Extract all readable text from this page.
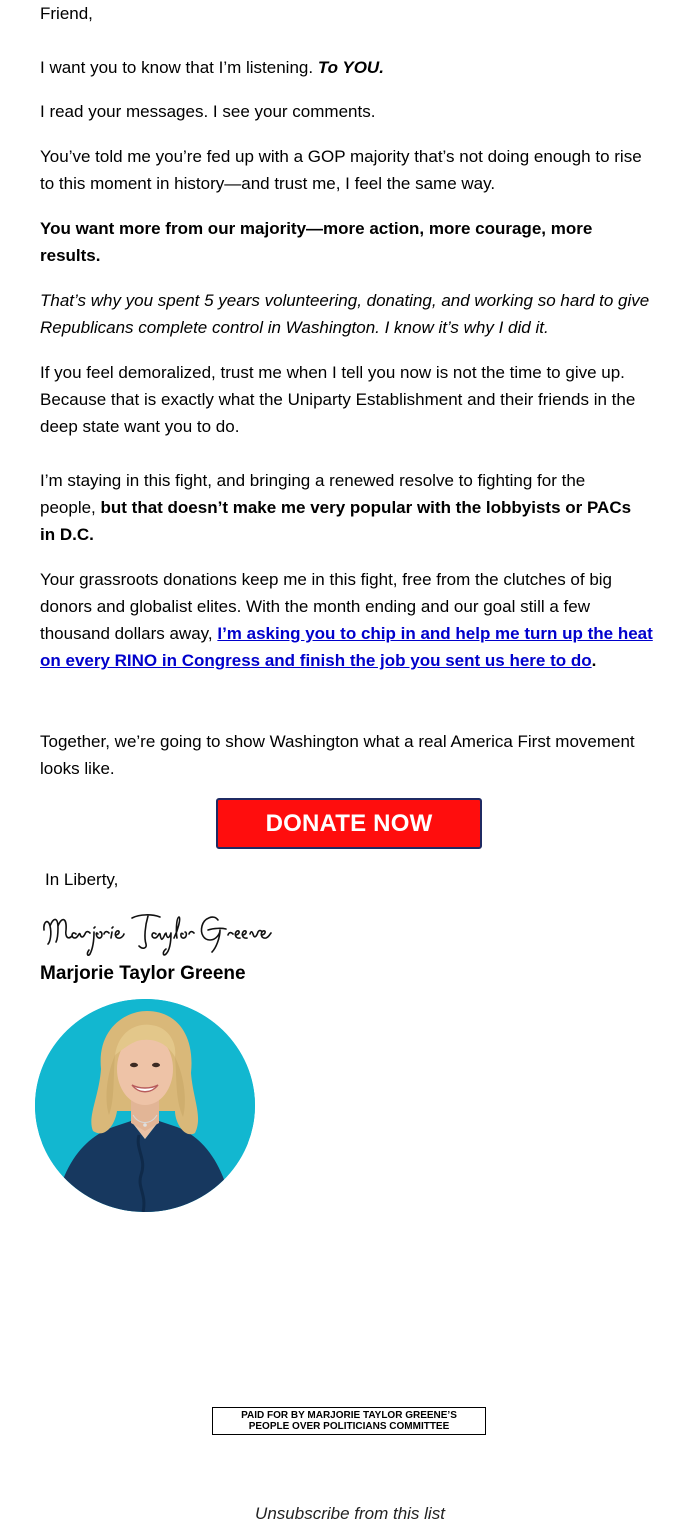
Friend,

I want you to know that I’m listening. To YOU.

I read your messages. I see your comments.

You’ve told me you’re fed up with a GOP majority that’s not doing enough to rise to this moment in history—and trust me, I feel the same way.

You want more from our majority—more action, more courage, more results.

That’s why you spent 5 years volunteering, donating, and working so hard to give Republicans complete control in Washington. I know it’s why I did it.

If you feel demoralized, trust me when I tell you now is not the time to give up. Because that is exactly what the Uniparty Establishment and their friends in the deep state want you to do.

I’m staying in this fight, and bringing a renewed resolve to fighting for the people, but that doesn’t make me very popular with the lobbyists or PACs in D.C.

Your grassroots donations keep me in this fight, free from the clutches of big donors and globalist elites. With the month ending and our goal still a few thousand dollars away, I’m asking you to chip in and help me turn up the heat on every RINO in Congress and finish the job you sent us here to do.

Together, we’re going to show Washington what a real America First movement looks like.

DONATE NOW
In Liberty,
Marjorie Taylor Greene
PAID FOR BY MARJORIE TAYLOR GREENE’S
PEOPLE OVER POLITICIANS COMMITTEE
Unsubscribe from this list
